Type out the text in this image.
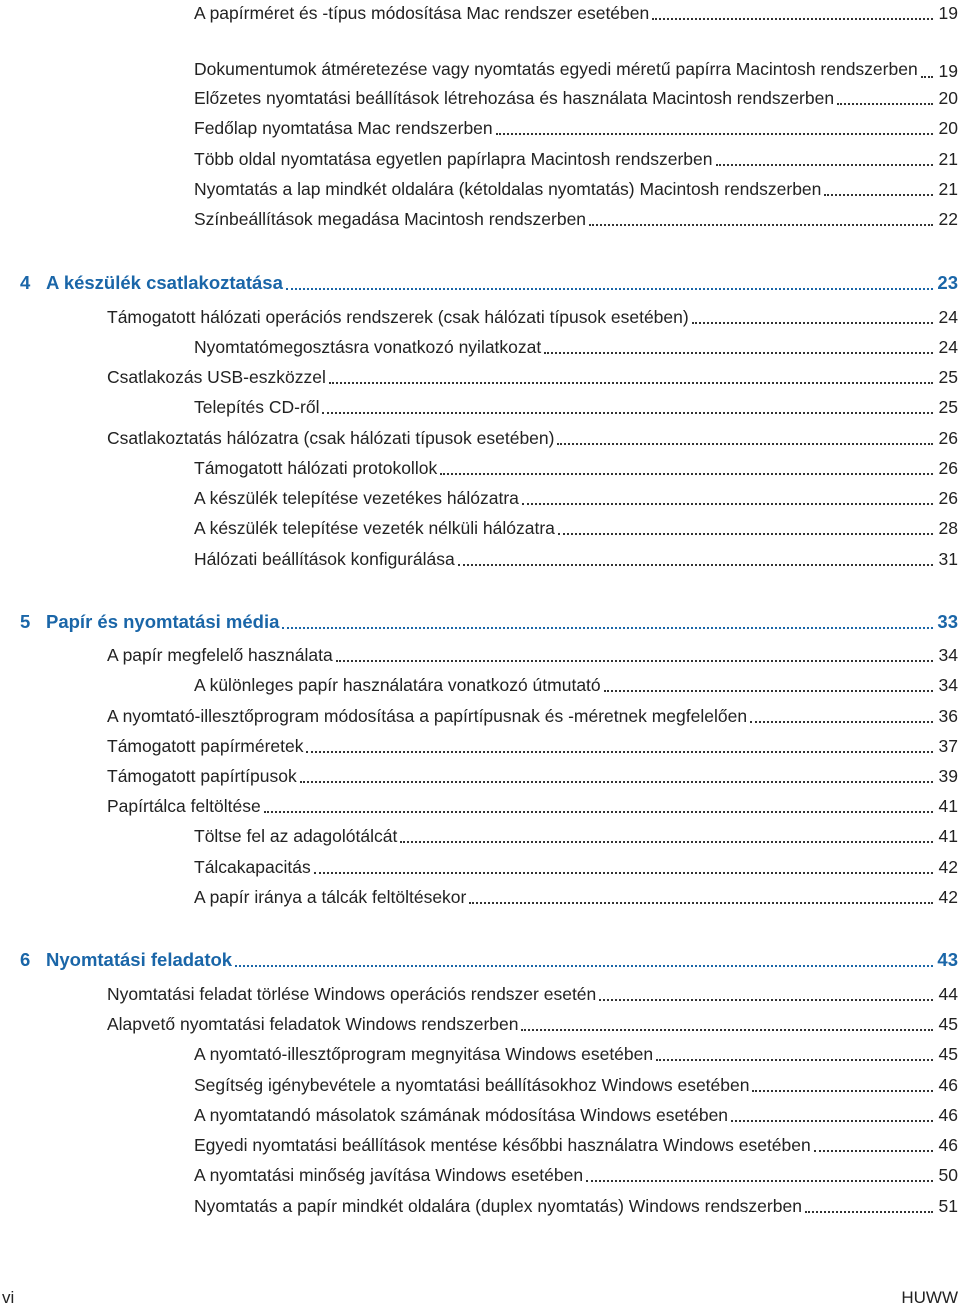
A papírméret és -típus módosítása Mac rendszer esetében	19
Dokumentumok átméretezése vagy nyomtatás egyedi méretű papírra Macintosh rendszerben 19
Előzetes nyomtatási beállítások létrehozása és használata Macintosh rendszerben	20
Fedőlap nyomtatása Mac rendszerben	20
Több oldal nyomtatása egyetlen papírlapra Macintosh rendszerben	21
Nyomtatás a lap mindkét oldalára (kétoldalas nyomtatás) Macintosh rendszerben	21
Színbeállítások megadása Macintosh rendszerben	22
4 A készülék csatlakoztatása	23
Támogatott hálózati operációs rendszerek (csak hálózati típusok esetében)	24
Nyomtatómegosztásra vonatkozó nyilatkozat	24
Csatlakozás USB-eszközzel	25
Telepítés CD-ről	25
Csatlakoztatás hálózatra (csak hálózati típusok esetében)	26
Támogatott hálózati protokollok	26
A készülék telepítése vezetékes hálózatra	26
A készülék telepítése vezeték nélküli hálózatra	28
Hálózati beállítások konfigurálása	31
5 Papír és nyomtatási média	33
A papír megfelelő használata	34
A különleges papír használatára vonatkozó útmutató	34
A nyomtató-illesztőprogram módosítása a papírtípusnak és -méretnek megfelelően	36
Támogatott papírméretek	37
Támogatott papírtípusok	39
Papírtálca feltöltése	41
Töltse fel az adagolótálcát	41
Tálcakapacitás	42
A papír iránya a tálcák feltöltésekor	42
6 Nyomtatási feladatok	43
Nyomtatási feladat törlése Windows operációs rendszer esetén	44
Alapvető nyomtatási feladatok Windows rendszerben	45
A nyomtató-illesztőprogram megnyitása Windows esetében	45
Segítség igénybevétele a nyomtatási beállításokhoz Windows esetében	46
A nyomtatandó másolatok számának módosítása Windows esetében	46
Egyedi nyomtatási beállítások mentése későbbi használatra Windows esetében	46
A nyomtatási minőség javítása Windows esetében	50
Nyomtatás a papír mindkét oldalára (duplex nyomtatás) Windows rendszerben	51
vi	HUWW
